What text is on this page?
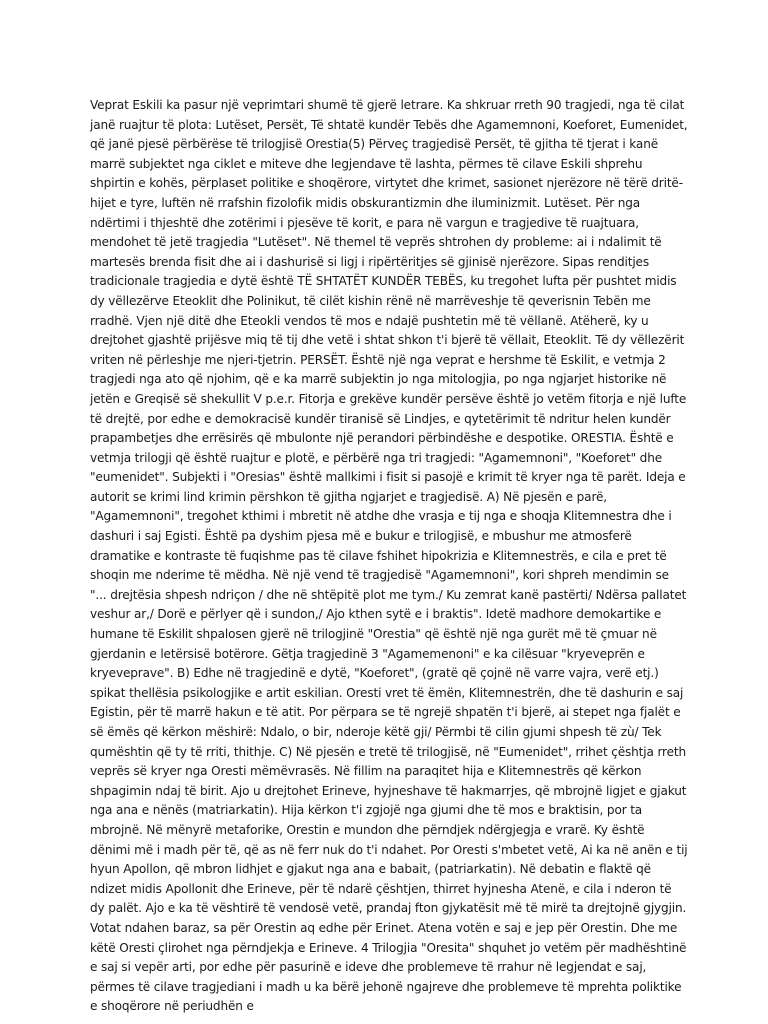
Veprat Eskili ka pasur një veprimtari shumë të gjerë letrare. Ka shkruar rreth 90 tragjedi, nga të cilat janë ruajtur të plota: Lutëset, Persët, Të shtatë kundër Tebës dhe Agamemnoni, Koeforet, Eumenidet, që janë pjesë përbërëse të trilogjisë Orestia(5) Përveç tragjedisë Persët, të gjitha të tjerat i kanë marrë subjektet nga ciklet e miteve dhe legjendave të lashta, përmes të cilave Eskili shprehu shpirtin e kohës, përplaset politike e shoqërore, virtytet dhe krimet, sasionet njerëzore në tërë dritë-hijet e tyre, luftën në rrafshin fizolofik midis obskurantizmin dhe iluminizmit. Lutëset. Për nga ndërtimi i thjeshtë dhe zotërimi i pjesëve të korit, e para në vargun e tragjedive të ruajtuara, mendohet të jetë tragjedia "Lutëset". Në themel të veprës shtrohen dy probleme: ai i ndalimit të martesës brenda fisit dhe ai i dashurisë si ligj i ripërtëritjes së gjinisë njerëzore. Sipas renditjes tradicionale tragjedia e dytë është TË SHTATËT KUNDËR TEBËS, ku tregohet lufta për pushtet midis dy vëllezërve Eteoklit dhe Polinikut, të cilët kishin rënë në marrëveshje të qeverisnin Tebën me rradhë. Vjen një ditë dhe Eteokli vendos të mos e ndajë pushtetin më të vëllanë. Atëherë, ky u drejtohet gjashtë prijësve miq të tij dhe vetë i shtat shkon t'i bjerë të vëllait, Eteoklit. Të dy vëllezërit vriten në përleshje me njeri-tjetrin. PERSËT. Është një nga veprat e hershme të Eskilit, e vetmja 2 tragjedi nga ato që njohim, që e ka marrë subjektin jo nga mitologjia, po nga ngjarjet historike në jetën e Greqisë së shekullit V p.e.r. Fitorja e grekëve kundër persëve është jo vetëm fitorja e një lufte të drejtë, por edhe e demokracisë kundër tiranisë së Lindjes, e qytetërimit të ndritur helen kundër prapambetjes dhe errësirës që mbulonte një perandori përbindëshe e despotike. ORESTIA. Është e vetmja trilogji që është ruajtur e plotë, e përbërë nga tri tragjedi: "Agamemnoni", "Koeforet" dhe "eumenidet". Subjekti i "Oresias" është mallkimi i fisit si pasojë e krimit të kryer nga të parët. Ideja e autorit se krimi lind krimin përshkon të gjitha ngjarjet e tragjedisë. A) Në pjesën e parë, "Agamemnoni", tregohet kthimi i mbretit në atdhe dhe vrasja e tij nga e shoqja Klitemnestra dhe i dashuri i saj Egisti. Është pa dyshim pjesa më e bukur e trilogjisë, e mbushur me atmosferë dramatike e kontraste të fuqishme pas të cilave fshihet hipokrizia e Klitemnestrës, e cila e pret të shoqin me nderime të mëdha. Në një vend të tragjedisë "Agamemnoni", kori shpreh mendimin se "... drejtësia shpesh ndriçon / dhe në shtëpitë plot me tym./ Ku zemrat kanë pastërti/ Ndërsa pallatet veshur ar,/ Dorë e përlyer që i sundon,/ Ajo kthen sytë e i braktis". Idetë madhore demokartike e humane të Eskilit shpalosen gjerë në trilogjinë "Orestia" që është një nga gurët më të çmuar në gjerdanin e letërsisë botërore. Gëtja tragjedinë 3 "Agamemenoni" e ka cilësuar "kryeveprën e kryeveprave". B) Edhe në tragjedinë e dytë, "Koeforet", (gratë që çojnë në varre vajra, verë etj.) spikat thellësia psikologjike e artit eskilian. Oresti vret të ëmën, Klitemnestrën, dhe të dashurin e saj Egistin, për të marrë hakun e të atit. Por përpara se të ngrejë shpatën t'i bjerë, ai stepet nga fjalët e së ëmës që kërkon mëshirë: Ndalo, o bir, nderoje këtë gji/ Përmbi të cilin gjumi shpesh të zù/ Tek qumështin që ty të rriti, thithje. C) Në pjesën e tretë të trilogjisë, në "Eumenidet", rrihet çështja rreth veprës së kryer nga Oresti mëmëvrasës. Në fillim na paraqitet hija e Klitemnestrës që kërkon shpagimin ndaj të birit. Ajo u drejtohet Erineve, hyjneshave të hakmarrjes, që mbrojnë ligjet e gjakut nga ana e nënës (matriarkatin). Hija kërkon t'i zgjojë nga gjumi dhe të mos e braktisin, por ta mbrojnë. Në mënyrë metaforike, Orestin e mundon dhe përndjek ndërgjegja e vrarë. Ky është dënimi më i madh për të, që as në ferr nuk do t'i ndahet. Por Oresti s'mbetet vetë, Ai ka në anën e tij hyun Apollon, që mbron lidhjet e gjakut nga ana e babait, (patriarkatin). Në debatin e flaktë që ndizet midis Apollonit dhe Erineve, për të ndarë çështjen, thirret hyjnesha Atenë, e cila i nderon të dy palët. Ajo e ka të vështirë të vendosë vetë, prandaj fton gjykatësit më të mirë ta drejtojnë gjygjin. Votat ndahen baraz, sa për Orestin aq edhe për Erinet. Atena votën e saj e jep për Orestin. Dhe me këtë Oresti çlirohet nga përndjekja e Erineve. 4 Trilogjia "Oresita" shquhet jo vetëm për madhështinë e saj si vepër arti, por edhe për pasurinë e ideve dhe problemeve të rrahur në legjendat e saj, përmes të cilave tragjediani i madh u ka bërë jehonë ngajreve dhe problemeve të mprehta poliktike e shoqërore në periudhën e
